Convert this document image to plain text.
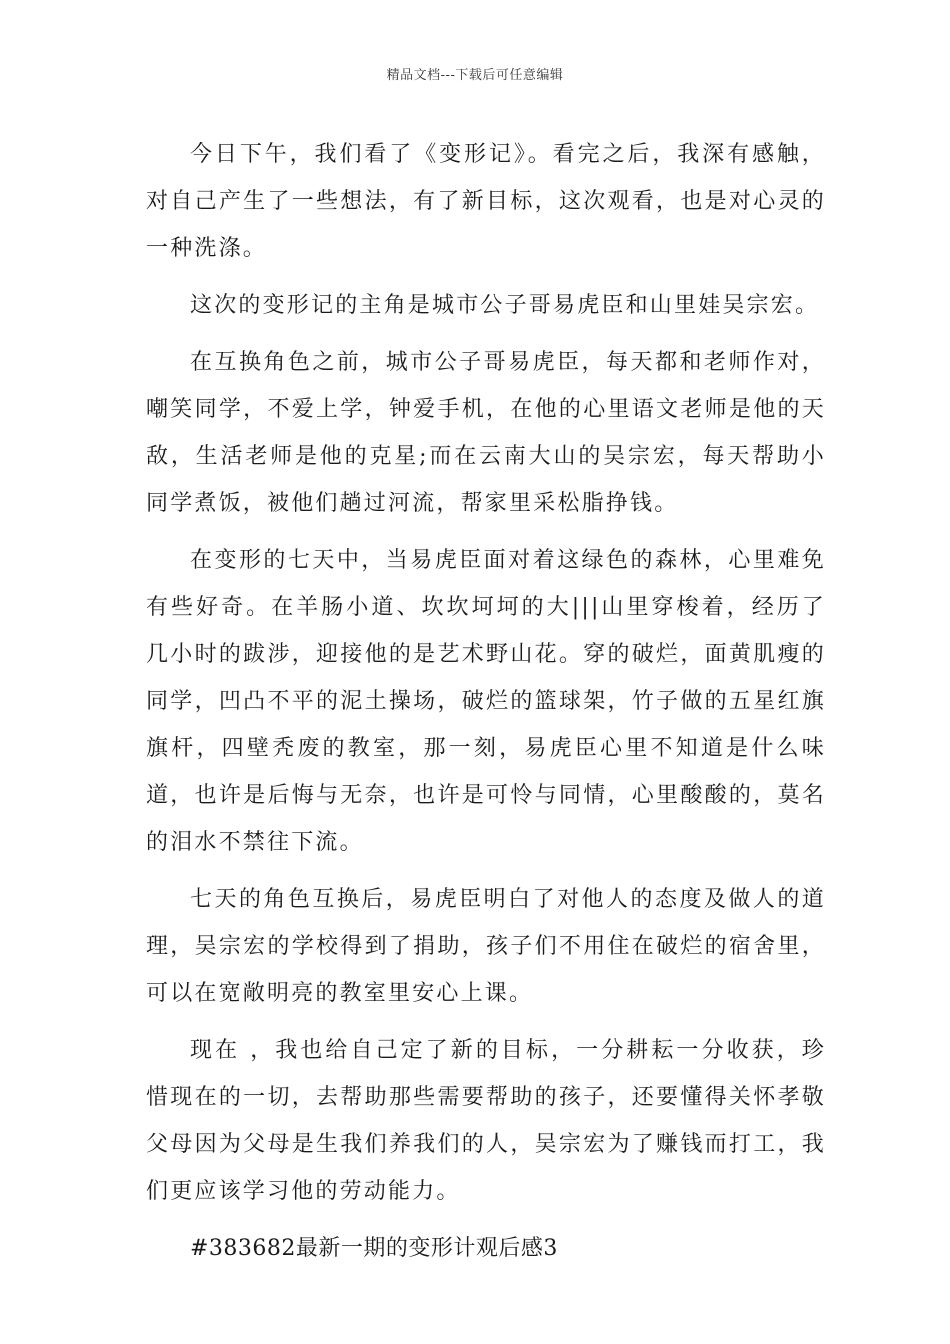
精品文档---下载后可任意编辑

今日下午，我们看了《变形记》。看完之后，我深有感触，对自己产生了一些想法，有了新目标，这次观看，也是对心灵的一种洗涤。

这次的变形记的主角是城市公子哥易虎臣和山里娃吴宗宏。

在互换角色之前，城市公子哥易虎臣，每天都和老师作对，嘲笑同学，不爱上学，钟爱手机，在他的心里语文老师是他的天敌，生活老师是他的克星;而在云南大山的吴宗宏，每天帮助小同学煮饭，被他们趟过河流，帮家里采松脂挣钱。

在变形的七天中，当易虎臣面对着这绿色的森林，心里难免有些好奇。在羊肠小道、坎坎坷坷的大|||山里穿梭着，经历了几小时的跋涉，迎接他的是艺术野山花。穿的破烂，面黄肌瘦的同学，凹凸不平的泥土操场，破烂的篮球架，竹子做的五星红旗旗杆，四壁秃废的教室，那一刻，易虎臣心里不知道是什么味道，也许是后悔与无奈，也许是可怜与同情，心里酸酸的，莫名的泪水不禁往下流。

七天的角色互换后，易虎臣明白了对他人的态度及做人的道理，吴宗宏的学校得到了捐助，孩子们不用住在破烂的宿舍里，可以在宽敞明亮的教室里安心上课。

现在 ，我也给自己定了新的目标，一分耕耘一分收获，珍惜现在的一切，去帮助那些需要帮助的孩子，还要懂得关怀孝敬父母因为父母是生我们养我们的人，吴宗宏为了赚钱而打工，我们更应该学习他的劳动能力。

#383682最新一期的变形计观后感3
